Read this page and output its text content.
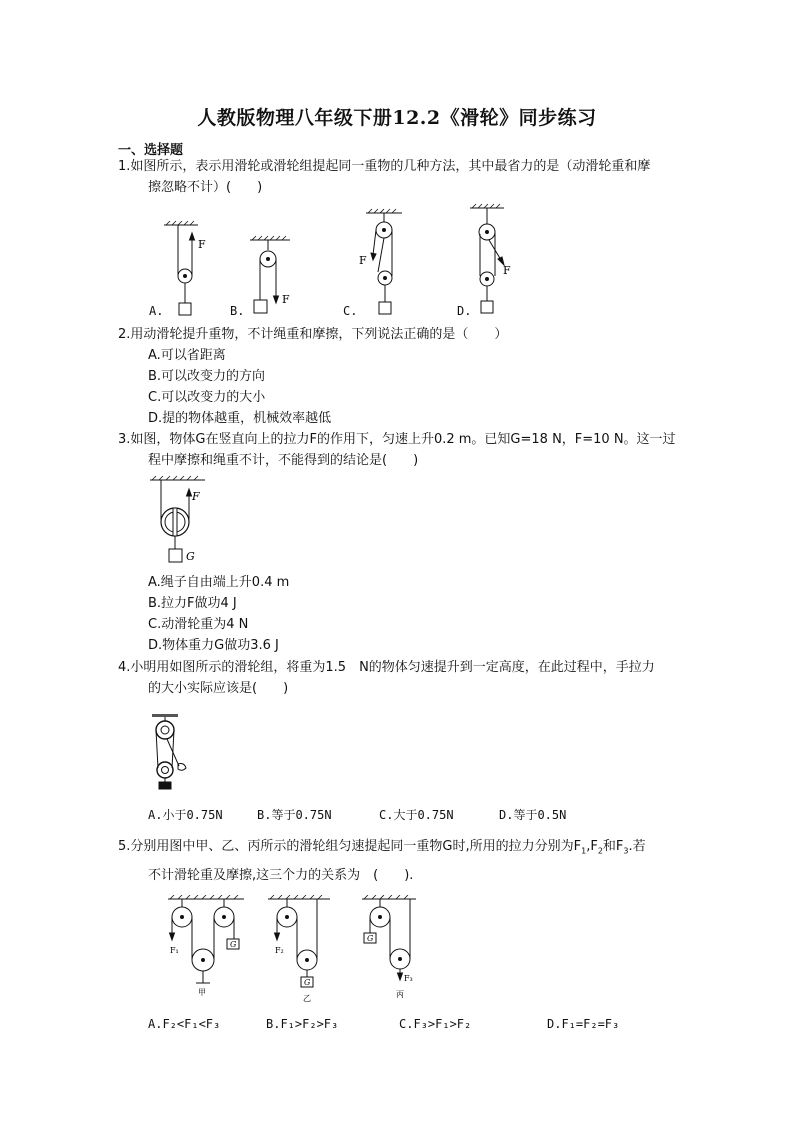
人教版物理八年级下册12.2《滑轮》同步练习
一、选择题
1.如图所示，表示用滑轮或滑轮组提起同一重物的几种方法，其中最省力的是（动滑轮重和摩
擦忽略不计）(　　)
F
F
F
F
A.	B.	C.	D.
2.用动滑轮提升重物，不计绳重和摩擦，下列说法正确的是（　　）
A.可以省距离
B.可以改变力的方向
C.可以改变力的大小
D.提的物体越重，机械效率越低
3.如图，物体G在竖直向上的拉力F的作用下，匀速上升0.2 m。已知G=18 N，F=10 N。这一过
程中摩擦和绳重不计，不能得到的结论是(　　)
F
G
A.绳子自由端上升0.4 m
B.拉力F做功4 J
C.动滑轮重为4 N
D.物体重力G做功3.6 J
4.小明用如图所示的滑轮组，将重为1.5　N的物体匀速提升到一定高度，在此过程中，手拉力
的大小实际应该是(　　)
A.小于0.75N	B.等于0.75N	C.大于0.75N	D.等于0.5N
5.分别用图中甲、乙、丙所示的滑轮组匀速提起同一重物G时,所用的拉力分别为$F_1,F_2$和$F_3$.若
不计滑轮重及摩擦,这三个力的关系为　(　　).
F₁
G
甲
F₂
G
乙
G
F₃
丙
A.F₂<F₁<F₃	B.F₁>F₂>F₃	C.F₃>F₁>F₂	D.F₁=F₂=F₃
